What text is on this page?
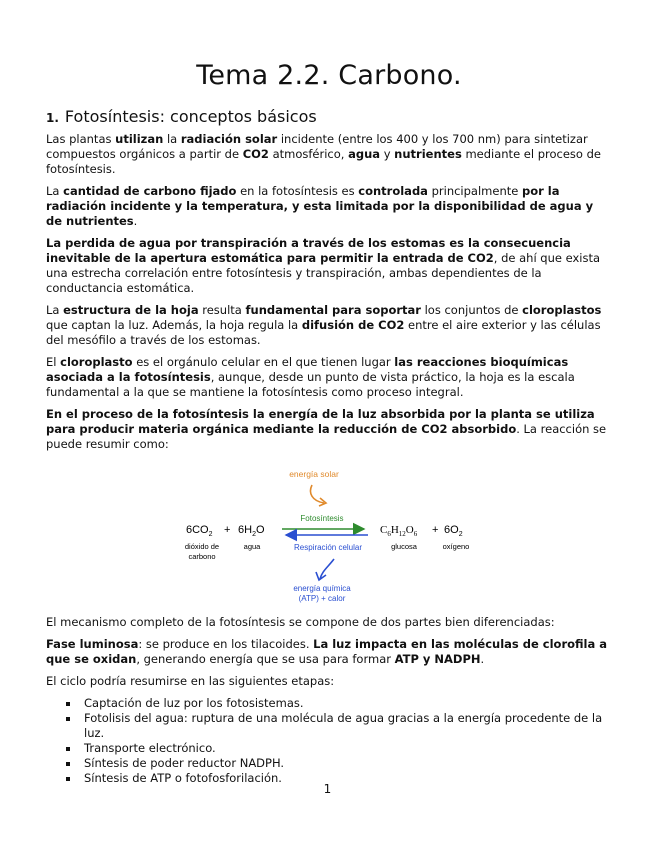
Tema 2.2. Carbono.
1. Fotosíntesis: conceptos básicos

Las plantas utilizan la radiación solar incidente (entre los 400 y los 700 nm) para sintetizar compuestos orgánicos a partir de CO2 atmosférico, agua y nutrientes mediante el proceso de fotosíntesis.

La cantidad de carbono fijado en la fotosíntesis es controlada principalmente por la radiación incidente y la temperatura, y esta limitada por la disponibilidad de agua y de nutrientes.

La perdida de agua por transpiración a través de los estomas es la consecuencia inevitable de la apertura estomática para permitir la entrada de CO2, de ahí que exista una estrecha correlación entre fotosíntesis y transpiración, ambas dependientes de la conductancia estomática.

La estructura de la hoja resulta fundamental para soportar los conjuntos de cloroplastos que captan la luz. Además, la hoja regula la difusión de CO2 entre el aire exterior y las células del mesófilo a través de los estomas.

El cloroplasto es el orgánulo celular en el que tienen lugar las reacciones bioquímicas asociada a la fotosíntesis, aunque, desde un punto de vista práctico, la hoja es la escala fundamental a la que se mantiene la fotosíntesis como proceso integral.

En el proceso de la fotosíntesis la energía de la luz absorbida por la planta se utiliza para producir materia orgánica mediante la reducción de CO2 absorbido. La reacción se puede resumir como:

energía solar
Fotosíntesis
Respiración celular
$6CO_2 + 6H_2O$	$C_6H_{12}O_6 + 6O_2$
dióxido de
carbono
agua	glucosa	oxígeno
energía química
(ATP) + calor

El mecanismo completo de la fotosíntesis se compone de dos partes bien diferenciadas:

Fase luminosa: se produce en los tilacoides. La luz impacta en las moléculas de clorofila a que se oxidan, generando energía que se usa para formar ATP y NADPH.

El ciclo podría resumirse en las siguientes etapas:

Captación de luz por los fotosistemas.
Fotolisis del agua: ruptura de una molécula de agua gracias a la energía procedente de la luz.
Transporte electrónico.
Síntesis de poder reductor NADPH.
Síntesis de ATP o fotofosforilación.
1
